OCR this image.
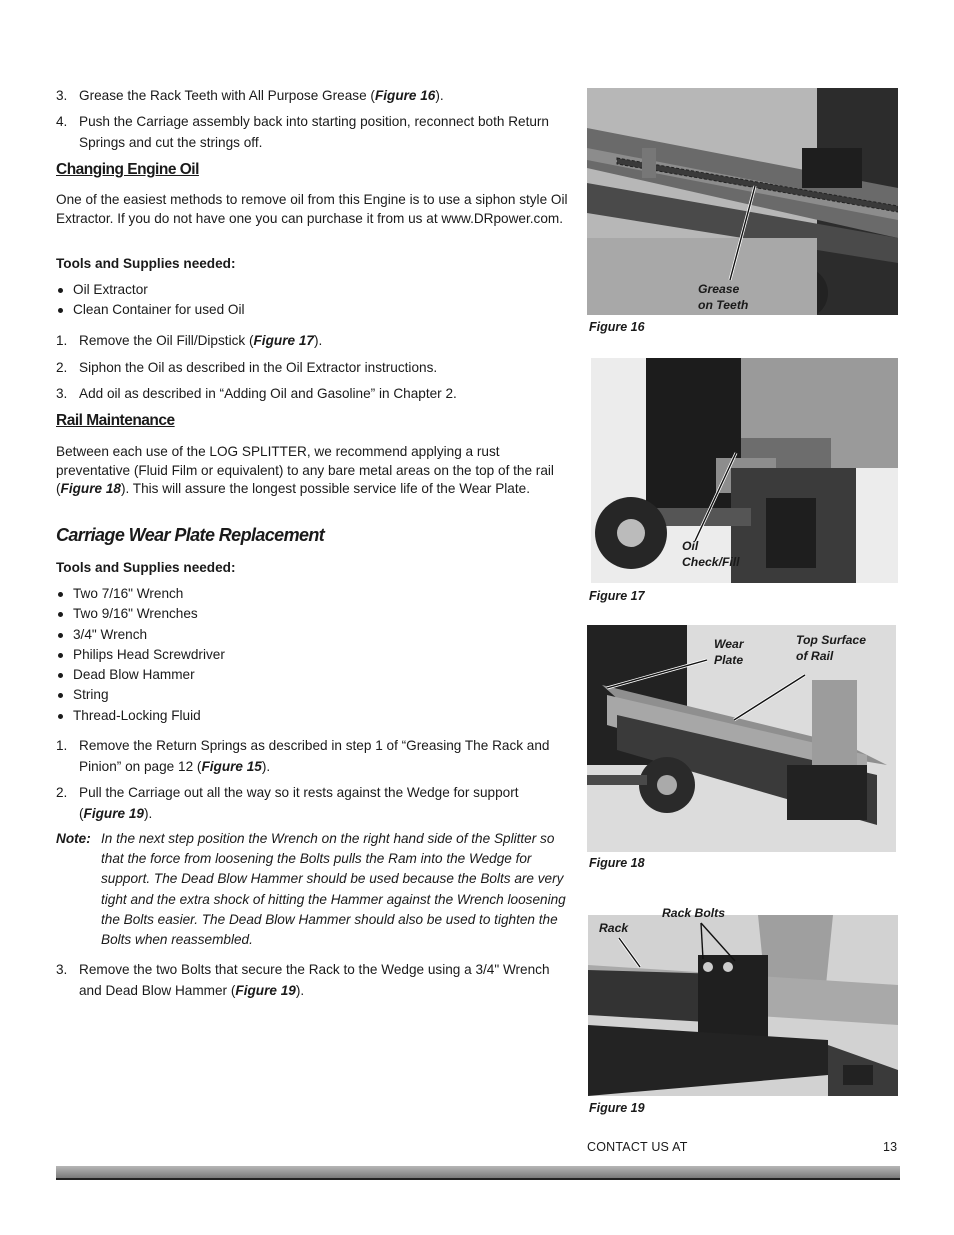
3. Grease the Rack Teeth with All Purpose Grease (Figure 16).
4. Push the Carriage assembly back into starting position, reconnect both Return Springs and cut the strings off.
Changing Engine Oil
One of the easiest methods to remove oil from this Engine is to use a siphon style Oil Extractor. If you do not have one you can purchase it from us at www.DRpower.com.
Tools and Supplies needed:
Oil Extractor
Clean Container for used Oil
1. Remove the Oil Fill/Dipstick (Figure 17).
2. Siphon the Oil as described in the Oil Extractor instructions.
3. Add oil as described in “Adding Oil and Gasoline” in Chapter 2.
Rail Maintenance
Between each use of the LOG SPLITTER, we recommend applying a rust preventative (Fluid Film or equivalent) to any bare metal areas on the top of the rail (Figure 18). This will assure the longest possible service life of the Wear Plate.
Carriage Wear Plate Replacement
Tools and Supplies needed:
Two 7/16" Wrench
Two 9/16" Wrenches
3/4" Wrench
Philips Head Screwdriver
Dead Blow Hammer
String
Thread-Locking Fluid
1. Remove the Return Springs as described in step 1 of “Greasing The Rack and Pinion” on page 12 (Figure 15).
2. Pull the Carriage out all the way so it rests against the Wedge for support (Figure 19).
Note: In the next step position the Wrench on the right hand side of the Splitter so that the force from loosening the Bolts pulls the Ram into the Wedge for support. The Dead Blow Hammer should be used because the Bolts are very tight and the extra shock of hitting the Hammer against the Wrench loosening the Bolts easier. The Dead Blow Hammer should also be used to tighten the Bolts when reassembled.
3. Remove the two Bolts that secure the Rack to the Wedge using a 3/4" Wrench and Dead Blow Hammer (Figure 19).
Grease
on Teeth
Figure 16
Oil
Check/Fill
Figure 17
Wear
Plate
Top Surface
of Rail
Figure 18
Rack
Rack Bolts
Figure 19
CONTACT US AT	13
